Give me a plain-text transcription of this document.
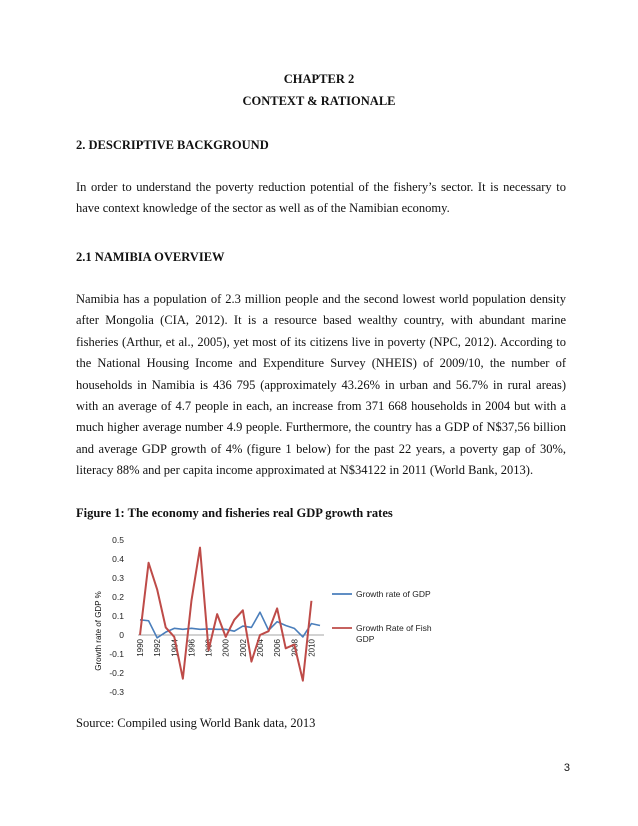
CHAPTER 2
CONTEXT & RATIONALE
2. DESCRIPTIVE BACKGROUND

In order to understand the poverty reduction potential of the fishery’s sector. It is necessary to have context knowledge of the sector as well as of the Namibian economy.

2.1 NAMIBIA OVERVIEW

Namibia has a population of 2.3 million people and the second lowest world population density after Mongolia (CIA, 2012). It is a resource based wealthy country, with abundant marine fisheries (Arthur, et al., 2005), yet most of its citizens live in poverty (NPC, 2012). According to the National Housing Income and Expenditure Survey (NHEIS) of 2009/10, the number of households in Namibia is 436 795 (approximately 43.26% in urban and 56.7% in rural areas) with an average of 4.7 people in each, an increase from 371 668 households in 2004 but with a much higher average number 4.9 people. Furthermore, the country has a GDP of N$37,56 billion and average GDP growth of 4% (figure 1 below) for the past 22 years, a poverty gap of 30%, literacy 88% and per capita income approximated at N$34122 in 2011 (World Bank, 2013).

Figure 1: The economy and fisheries real GDP growth rates
Growth rate of GDP %
0.5
0.4
0.3
0.2
0.1
0
-0.1
-0.2
-0.3
1990 1992 1994 1996 1998 2000 2002 2004 2006 2008 2010
Growth rate of GDP
Growth Rate of Fish GDP
Source: Compiled using World Bank data, 2013
3
